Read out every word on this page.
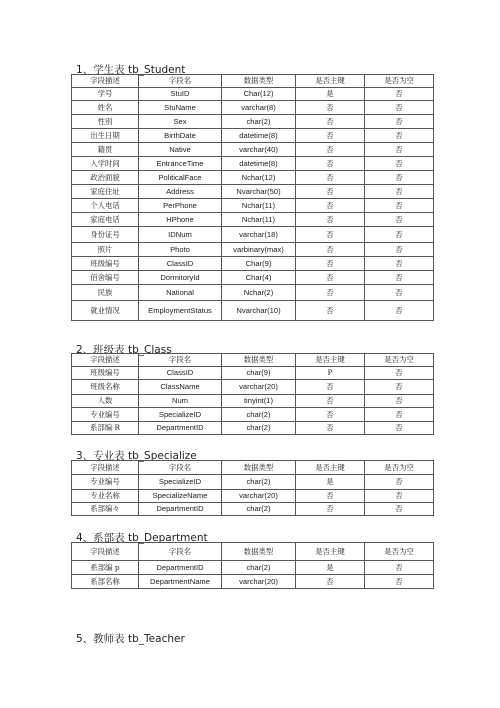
1、学生表 tb_Student
字段描述	字段名	数据类型	是否主键	是否为空
学号	StuID	Char(12)	是	否
姓名	StuName	varchar(8)	否	否
性别	Sex	char(2)	否	否
出生日期	BirthDate	datetime(8)	否	否
籍贯	Native	varchar(40)	否	否
入学时间	EntranceTime	datetime(8)	否	否
政治面貌	PoliticalFace	Nchar(12)	否	否
家庭住址	Address	Nvarchar(50)	否	否
个人电话	PerPhone	Nchar(11)	否	否
家庭电话	HPhone	Nchar(11)	否	否
身份证号	IDNum	varchar(18)	否	否
照片	Photo	varbinary(max)	否	否
班级编号	ClassID	Char(9)	否	否
佰舍编号	DormitoryId	Char(4)	否	否
民族	National	Nchar(2)	否	否
就业情况	EmploymentStatus	Nvarchar(10)	否	否
2、班级表 tb_Class
字段描述	字段名	数据类型	是否主键	是否为空
班级编号	ClassID	char(9)	P	否
班级名称	ClassName	varchar(20)	否	否
人数	Num	tinyint(1)	否	否
专业编号	SpecializeID	char(2)	否	否
系部编 R	DepartmentID	char(2)	否	否
3、专业表 tb_Specialize
字段描述	字段名	数据类型	是否主键	是否为空
专业编号	SpecializeID	char(2)	是	否
专业名称	SpecializeName	varchar(20)	否	否
系部编々	DepartmentID	char(2)	否	否
4、系部表 tb_Department
字段描述	字段名	数据类型	是否主键	是否为空
系部编 p	DepartmentID	char(2)	是	否
系部名称	DepartmentName	varchar(20)	否	否
5、教师表 tb_Teacher
